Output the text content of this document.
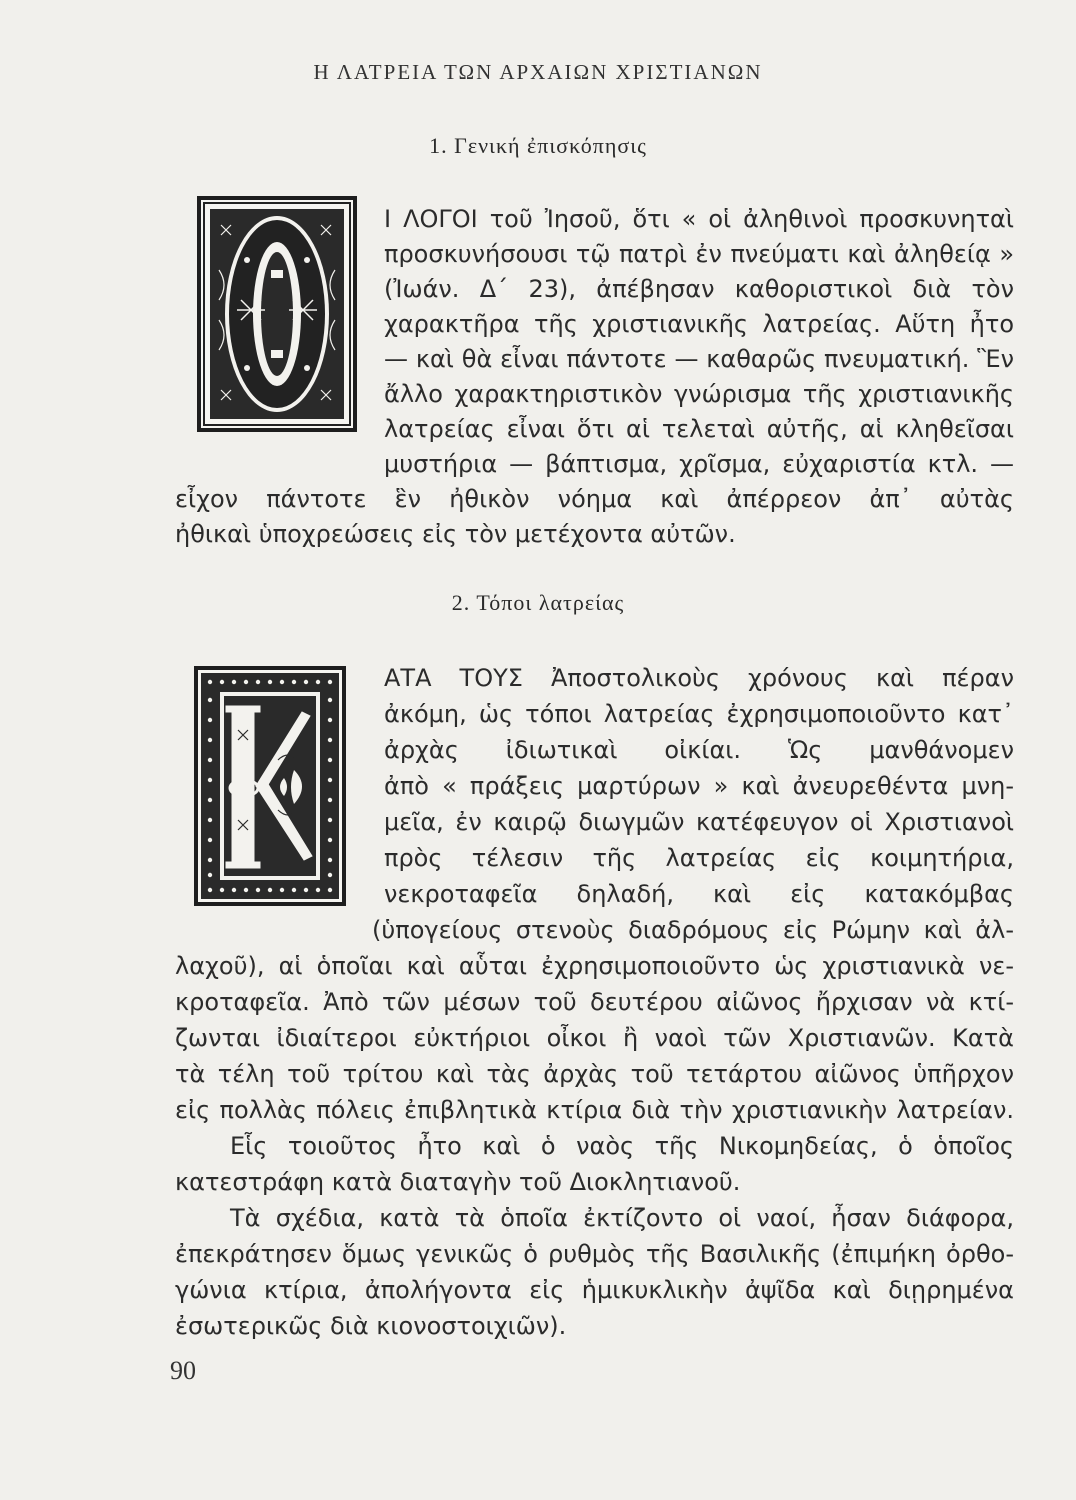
Η ΛΑΤΡΕΙΑ ΤΩΝ ΑΡΧΑΙΩΝ ΧΡΙΣΤΙΑΝΩΝ
1. Γενική ἐπισκόπησις
Ι ΛΟΓΟΙ τοῦ Ἰησοῦ, ὅτι « οἱ ἀληθινοὶ προσκυνηταὶ
προσκυνήσουσι τῷ πατρὶ ἐν πνεύματι καὶ ἀληθείᾳ »
(Ἰωάν. Δ΄ 23), ἀπέβησαν καθοριστικοὶ διὰ τὸν
χαρακτῆρα τῆς χριστιανικῆς λατρείας. Αὕτη ἦτο
— καὶ θὰ εἶναι πάντοτε — καθαρῶς πνευματική. Ἓν
ἄλλο χαρακτηριστικὸν γνώρισμα τῆς χριστιανικῆς
λατρείας εἶναι ὅτι αἱ τελεταὶ αὐτῆς, αἱ κληθεῖσαι
μυστήρια — βάπτισμα, χρῖσμα, εὐχαριστία κτλ. —
εἶχον πάντοτε ἓν ἠθικὸν νόημα καὶ ἀπέρρεον ἀπ᾽ αὐτὰς
ἠθικαὶ ὑποχρεώσεις εἰς τὸν μετέχοντα αὐτῶν.
2. Τόποι λατρείας
ΑΤΑ ΤΟΥΣ Ἀποστολικοὺς χρόνους καὶ πέραν
ἀκόμη, ὡς τόποι λατρείας ἐχρησιμοποιοῦντο κατ᾽
ἀρχὰς ἰδιωτικαὶ οἰκίαι. Ὡς μανθάνομεν
ἀπὸ « πράξεις μαρτύρων » καὶ ἀνευρεθέντα μνη-
μεῖα, ἐν καιρῷ διωγμῶν κατέφευγον οἱ Χριστιανοὶ
πρὸς τέλεσιν τῆς λατρείας εἰς κοιμητήρια,
νεκροταφεῖα δηλαδή, καὶ εἰς κατακόμβας
(ὑπογείους στενοὺς διαδρόμους εἰς Ρώμην καὶ ἀλ-
λαχοῦ), αἱ ὁποῖαι καὶ αὗται ἐχρησιμοποιοῦντο ὡς χριστιανικὰ νε-
κροταφεῖα. Ἀπὸ τῶν μέσων τοῦ δευτέρου αἰῶνος ἤρχισαν νὰ κτί-
ζωνται ἰδιαίτεροι εὐκτήριοι οἶκοι ἢ ναοὶ τῶν Χριστιανῶν. Κατὰ
τὰ τέλη τοῦ τρίτου καὶ τὰς ἀρχὰς τοῦ τετάρτου αἰῶνος ὑπῆρχον
εἰς πολλὰς πόλεις ἐπιβλητικὰ κτίρια διὰ τὴν χριστιανικὴν λατρείαν.
Εἷς τοιοῦτος ἦτο καὶ ὁ ναὸς τῆς Νικομηδείας, ὁ ὁποῖος
κατεστράφη κατὰ διαταγὴν τοῦ Διοκλητιανοῦ.
Τὰ σχέδια, κατὰ τὰ ὁποῖα ἐκτίζοντο οἱ ναοί, ἦσαν διάφορα,
ἐπεκράτησεν ὅμως γενικῶς ὁ ρυθμὸς τῆς Βασιλικῆς (ἐπιμήκη ὀρθο-
γώνια κτίρια, ἀπολήγοντα εἰς ἡμικυκλικὴν ἀψῖδα καὶ διῃρημένα
ἐσωτερικῶς διὰ κιονοστοιχιῶν).
90
